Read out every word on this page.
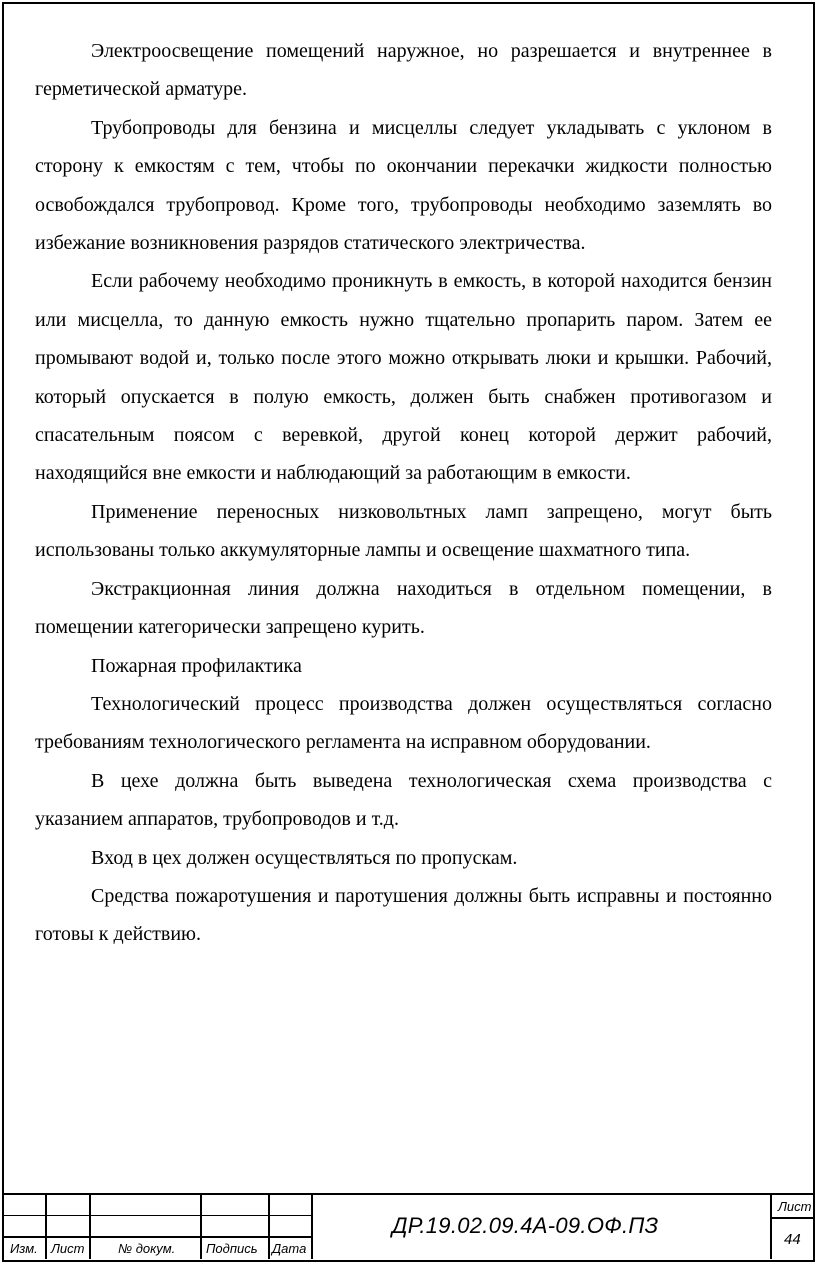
Электроосвещение помещений наружное, но разрешается и внутреннее в герметической арматуре.

Трубопроводы для бензина и мисцеллы следует укладывать с уклоном в сторону к емкостям с тем, чтобы по окончании перекачки жидкости полностью освобождался трубопровод. Кроме того, трубопроводы необходимо заземлять во избежание возникновения разрядов статического электричества.

Если рабочему необходимо проникнуть в емкость, в которой находится бензин или мисцелла, то данную емкость нужно тщательно пропарить паром. Затем ее промывают водой и, только после этого можно открывать люки и крышки. Рабочий, который опускается в полую емкость, должен быть снабжен противогазом и спасательным поясом с веревкой, другой конец которой держит рабочий, находящийся вне емкости и наблюдающий за работающим в емкости.

Применение переносных низковольтных ламп запрещено, могут быть использованы только аккумуляторные лампы и освещение шахматного типа.

Экстракционная линия должна находиться в отдельном помещении, в помещении категорически запрещено курить.

Пожарная профилактика

Технологический процесс производства должен осуществляться согласно требованиям технологического регламента на исправном оборудовании.

В цехе должна быть выведена технологическая схема производства с указанием аппаратов, трубопроводов и т.д.

Вход в цех должен осуществляться по пропускам.

Средства пожаротушения и паротушения должны быть исправны и постоянно готовы к действию.

Изм. Лист	№ докум. Подпись Дата
ДР.19.02.09.4А-09.ОФ.ПЗ
Лист
44
